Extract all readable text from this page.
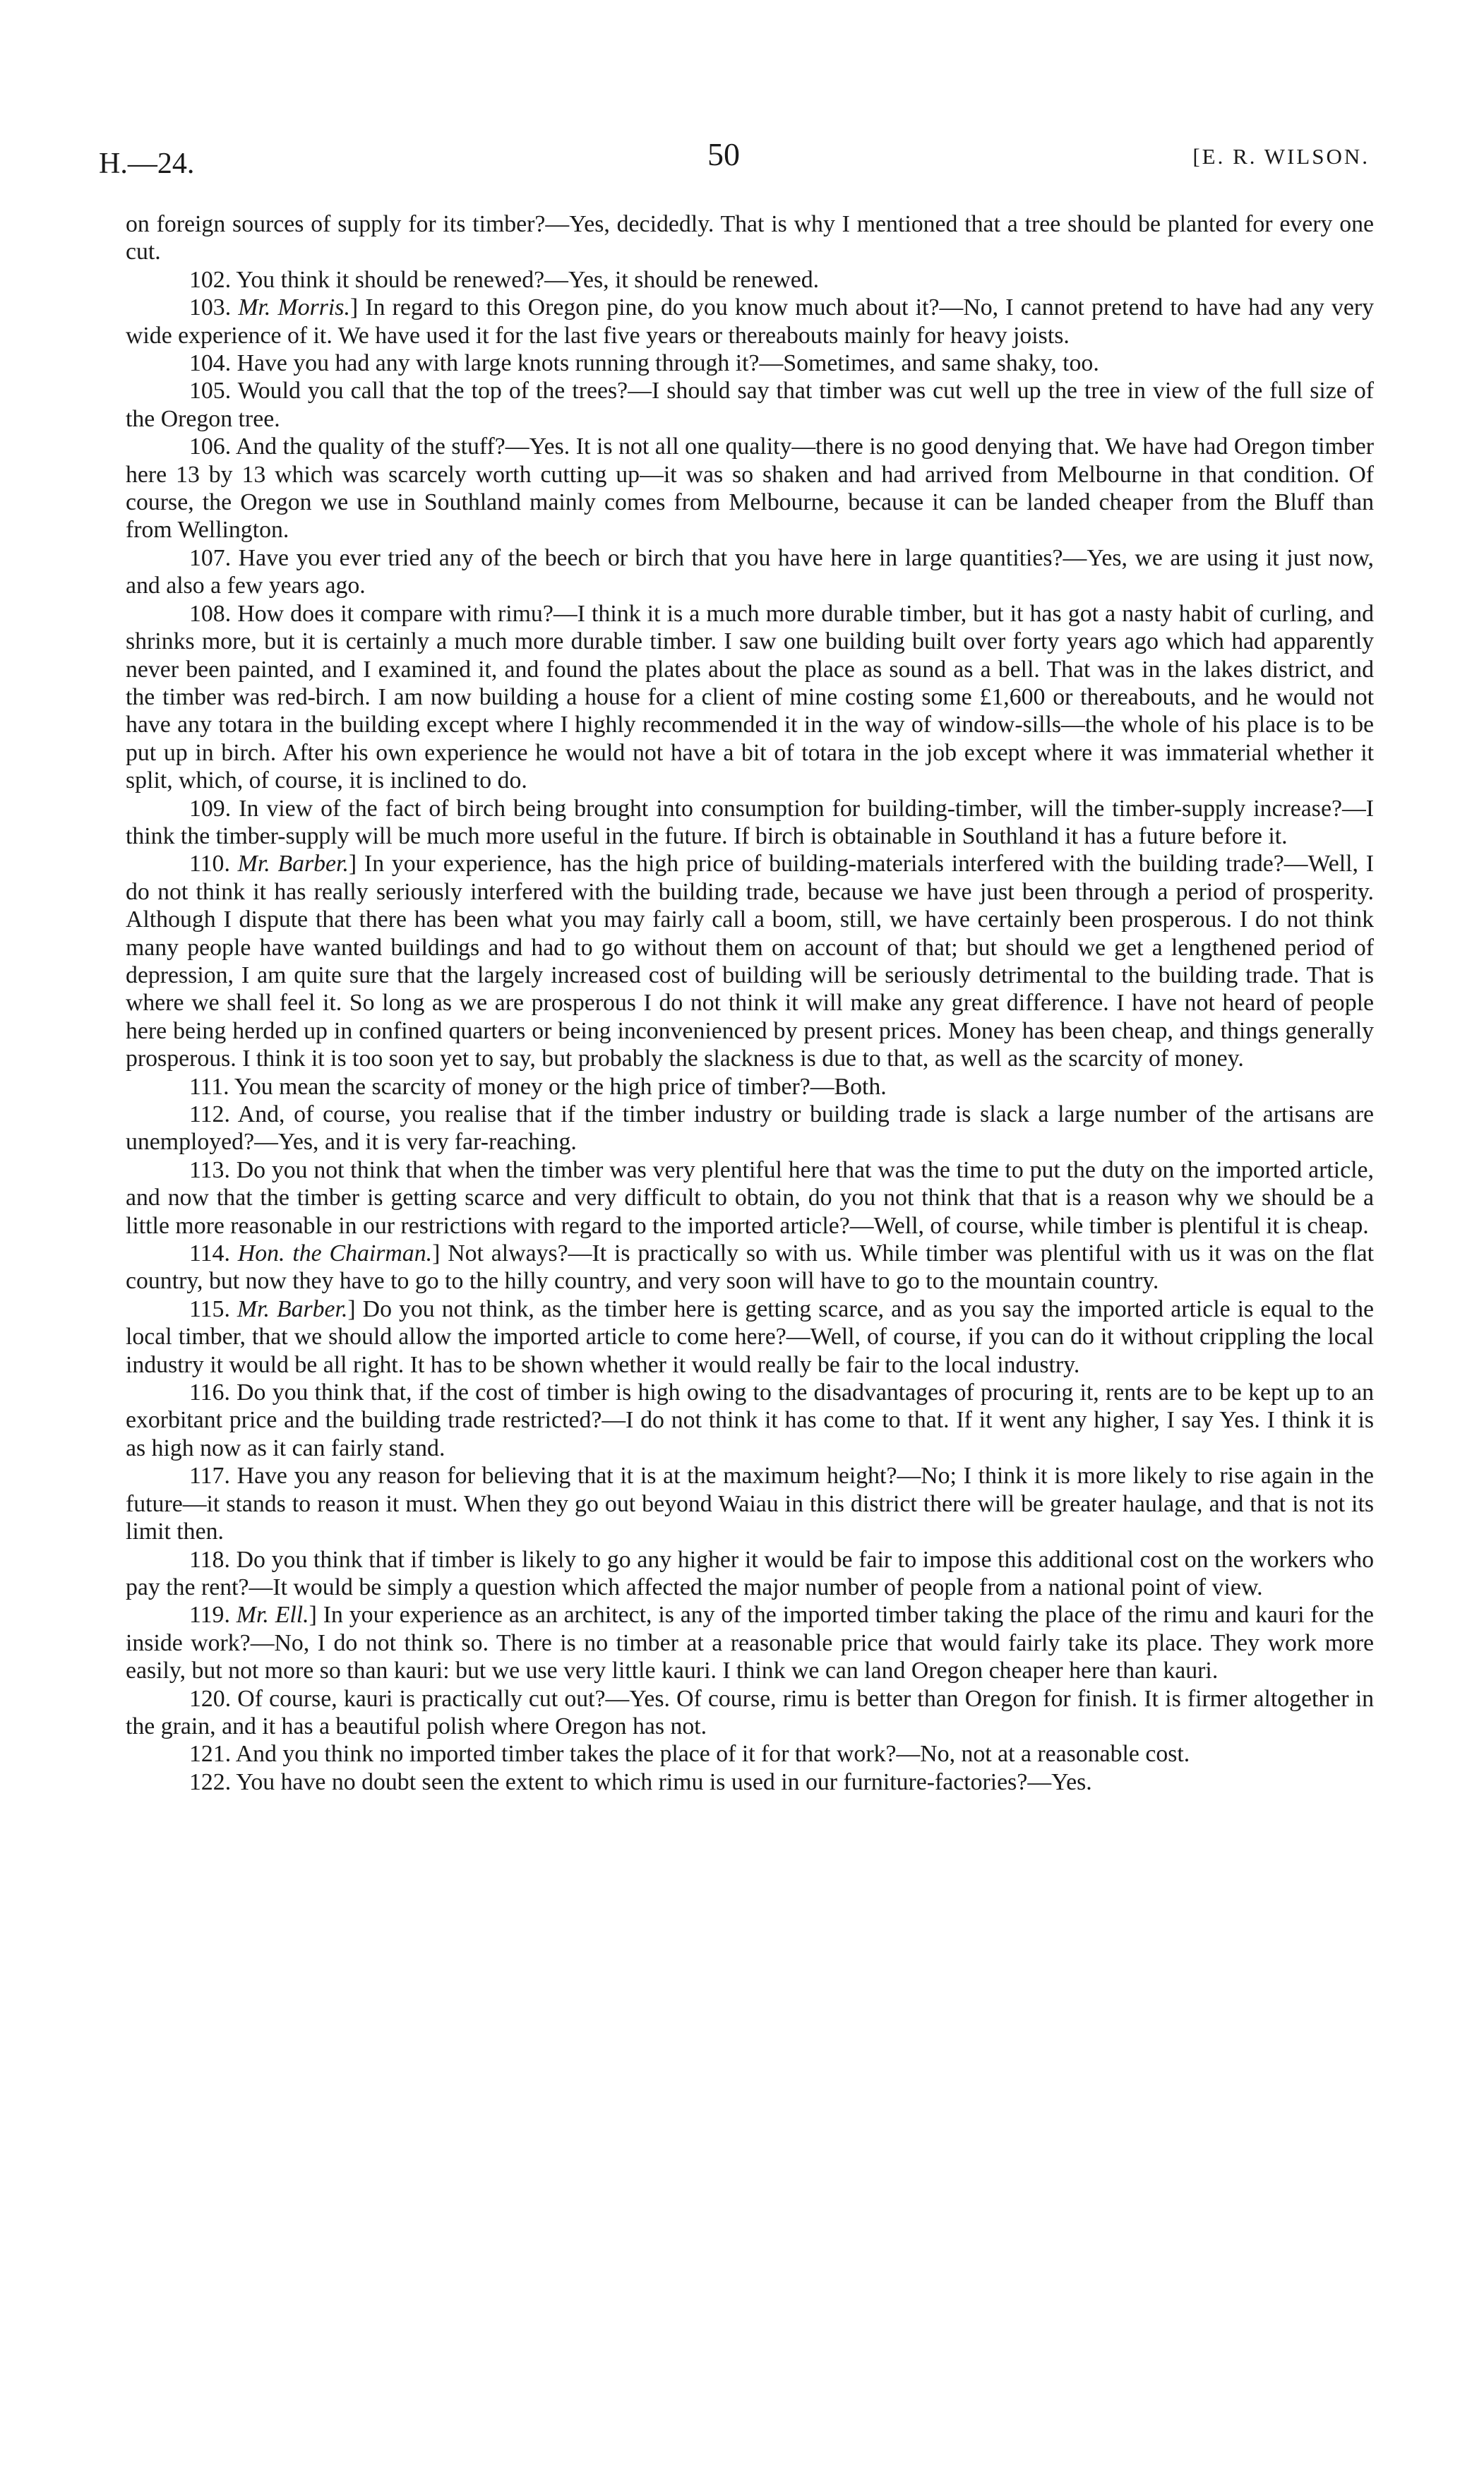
H.—24.	50	[E. R. WILSON.

on foreign sources of supply for its timber?—Yes, decidedly. That is why I mentioned that a tree should be planted for every one cut.

102. You think it should be renewed?—Yes, it should be renewed.

103. Mr. Morris.] In regard to this Oregon pine, do you know much about it?—No, I cannot pretend to have had any very wide experience of it. We have used it for the last five years or thereabouts mainly for heavy joists.

104. Have you had any with large knots running through it?—Sometimes, and same shaky, too.

105. Would you call that the top of the trees?—I should say that timber was cut well up the tree in view of the full size of the Oregon tree.

106. And the quality of the stuff?—Yes. It is not all one quality—there is no good denying that. We have had Oregon timber here 13 by 13 which was scarcely worth cutting up—it was so shaken and had arrived from Melbourne in that condition. Of course, the Oregon we use in Southland mainly comes from Melbourne, because it can be landed cheaper from the Bluff than from Wellington.

107. Have you ever tried any of the beech or birch that you have here in large quantities?—Yes, we are using it just now, and also a few years ago.

108. How does it compare with rimu?—I think it is a much more durable timber, but it has got a nasty habit of curling, and shrinks more, but it is certainly a much more durable timber. I saw one building built over forty years ago which had apparently never been painted, and I examined it, and found the plates about the place as sound as a bell. That was in the lakes district, and the timber was red-birch. I am now building a house for a client of mine costing some £1,600 or thereabouts, and he would not have any totara in the building except where I highly recommended it in the way of window-sills—the whole of his place is to be put up in birch. After his own experience he would not have a bit of totara in the job except where it was immaterial whether it split, which, of course, it is inclined to do.

109. In view of the fact of birch being brought into consumption for building-timber, will the timber-supply increase?—I think the timber-supply will be much more useful in the future. If birch is obtainable in Southland it has a future before it.

110. Mr. Barber.] In your experience, has the high price of building-materials interfered with the building trade?—Well, I do not think it has really seriously interfered with the building trade, because we have just been through a period of prosperity. Although I dispute that there has been what you may fairly call a boom, still, we have certainly been prosperous. I do not think many people have wanted buildings and had to go without them on account of that; but should we get a lengthened period of depression, I am quite sure that the largely increased cost of building will be seriously detrimental to the building trade. That is where we shall feel it. So long as we are prosperous I do not think it will make any great difference. I have not heard of people here being herded up in confined quarters or being inconvenienced by present prices. Money has been cheap, and things generally prosperous. I think it is too soon yet to say, but probably the slackness is due to that, as well as the scarcity of money.

111. You mean the scarcity of money or the high price of timber?—Both.

112. And, of course, you realise that if the timber industry or building trade is slack a large number of the artisans are unemployed?—Yes, and it is very far-reaching.

113. Do you not think that when the timber was very plentiful here that was the time to put the duty on the imported article, and now that the timber is getting scarce and very difficult to obtain, do you not think that that is a reason why we should be a little more reasonable in our restrictions with regard to the imported article?—Well, of course, while timber is plentiful it is cheap.

114. Hon. the Chairman.] Not always?—It is practically so with us. While timber was plentiful with us it was on the flat country, but now they have to go to the hilly country, and very soon will have to go to the mountain country.

115. Mr. Barber.] Do you not think, as the timber here is getting scarce, and as you say the imported article is equal to the local timber, that we should allow the imported article to come here?—Well, of course, if you can do it without crippling the local industry it would be all right. It has to be shown whether it would really be fair to the local industry.

116. Do you think that, if the cost of timber is high owing to the disadvantages of procuring it, rents are to be kept up to an exorbitant price and the building trade restricted?—I do not think it has come to that. If it went any higher, I say Yes. I think it is as high now as it can fairly stand.

117. Have you any reason for believing that it is at the maximum height?—No; I think it is more likely to rise again in the future—it stands to reason it must. When they go out beyond Waiau in this district there will be greater haulage, and that is not its limit then.

118. Do you think that if timber is likely to go any higher it would be fair to impose this additional cost on the workers who pay the rent?—It would be simply a question which affected the major number of people from a national point of view.

119. Mr. Ell.] In your experience as an architect, is any of the imported timber taking the place of the rimu and kauri for the inside work?—No, I do not think so. There is no timber at a reasonable price that would fairly take its place. They work more easily, but not more so than kauri: but we use very little kauri. I think we can land Oregon cheaper here than kauri.

120. Of course, kauri is practically cut out?—Yes. Of course, rimu is better than Oregon for finish. It is firmer altogether in the grain, and it has a beautiful polish where Oregon has not.

121. And you think no imported timber takes the place of it for that work?—No, not at a reasonable cost.

122. You have no doubt seen the extent to which rimu is used in our furniture-factories?—Yes.
